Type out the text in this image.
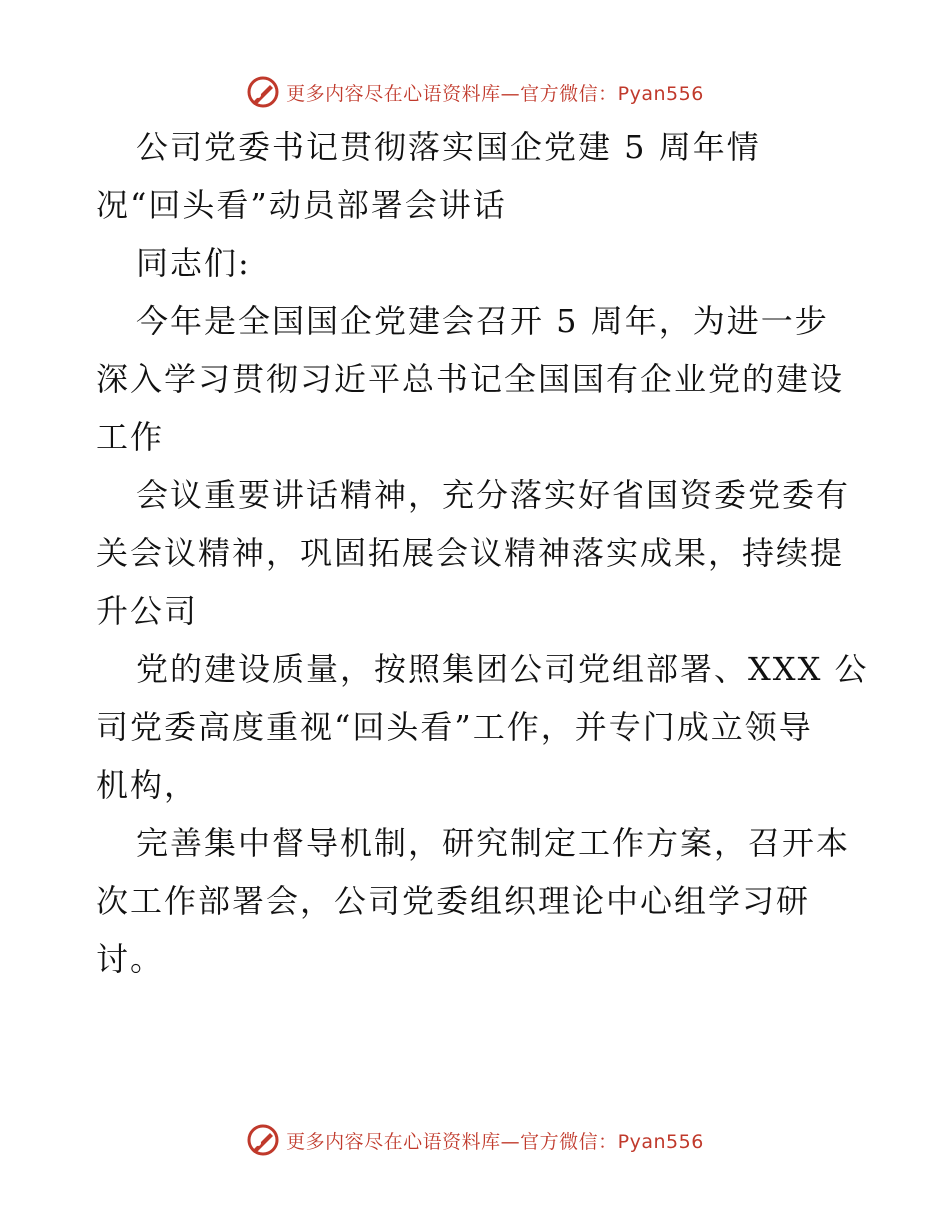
更多内容尽在心语资料库—官方微信：Pyan556
公司党委书记贯彻落实国企党建 5 周年情
况“回头看”动员部署会讲话
同志们:
今年是全国国企党建会召开 5 周年，为进一步
深入学习贯彻习近平总书记全国国有企业党的建设
工作
会议重要讲话精神，充分落实好省国资委党委有
关会议精神，巩固拓展会议精神落实成果，持续提
升公司
党的建设质量，按照集团公司党组部署、XXX 公
司党委高度重视“回头看”工作，并专门成立领导
机构，
完善集中督导机制，研究制定工作方案，召开本
次工作部署会，公司党委组织理论中心组学习研
讨。
更多内容尽在心语资料库—官方微信：Pyan556
